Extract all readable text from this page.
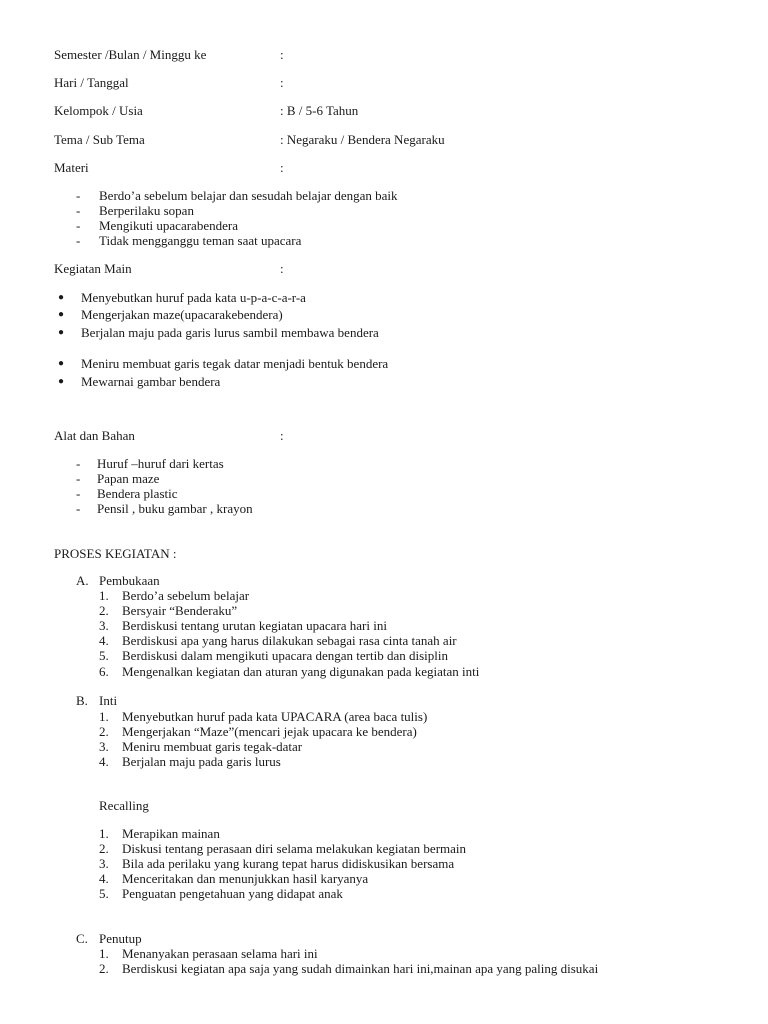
Semester /Bulan / Minggu ke	:
Hari / Tanggal	:
Kelompok / Usia	: B / 5-6 Tahun
Tema / Sub Tema	: Negaraku / Bendera Negaraku
Materi	:
- Berdo’a sebelum belajar dan sesudah belajar dengan baik
- Berperilaku sopan
- Mengikuti upacarabendera
- Tidak mengganggu teman saat upacara
Kegiatan Main	:
● Menyebutkan huruf pada kata u-p-a-c-a-r-a
● Mengerjakan maze(upacarakebendera)
● Berjalan maju pada garis lurus sambil membawa bendera
● Meniru membuat garis tegak datar menjadi bentuk bendera
● Mewarnai gambar bendera
Alat dan Bahan	:
- Huruf –huruf dari kertas
- Papan maze
- Bendera plastic
- Pensil , buku gambar , krayon
PROSES KEGIATAN :
A. Pembukaan
1. Berdo’a sebelum belajar
2. Bersyair “Benderaku”
3. Berdiskusi tentang urutan kegiatan upacara hari ini
4. Berdiskusi apa yang harus dilakukan sebagai rasa cinta tanah air
5. Berdiskusi dalam mengikuti upacara dengan tertib dan disiplin
6. Mengenalkan kegiatan dan aturan yang digunakan pada kegiatan inti
B. Inti
1. Menyebutkan huruf pada kata UPACARA (area baca tulis)
2. Mengerjakan “Maze”(mencari jejak upacara ke bendera)
3. Meniru membuat garis tegak-datar
4. Berjalan maju pada garis lurus
Recalling
1. Merapikan mainan
2. Diskusi tentang perasaan diri selama melakukan kegiatan bermain
3. Bila ada perilaku yang kurang tepat harus didiskusikan bersama
4. Menceritakan dan menunjukkan hasil karyanya
5. Penguatan pengetahuan yang didapat anak
C. Penutup
1. Menanyakan perasaan selama hari ini
2. Berdiskusi kegiatan apa saja yang sudah dimainkan hari ini,mainan apa yang paling disukai
